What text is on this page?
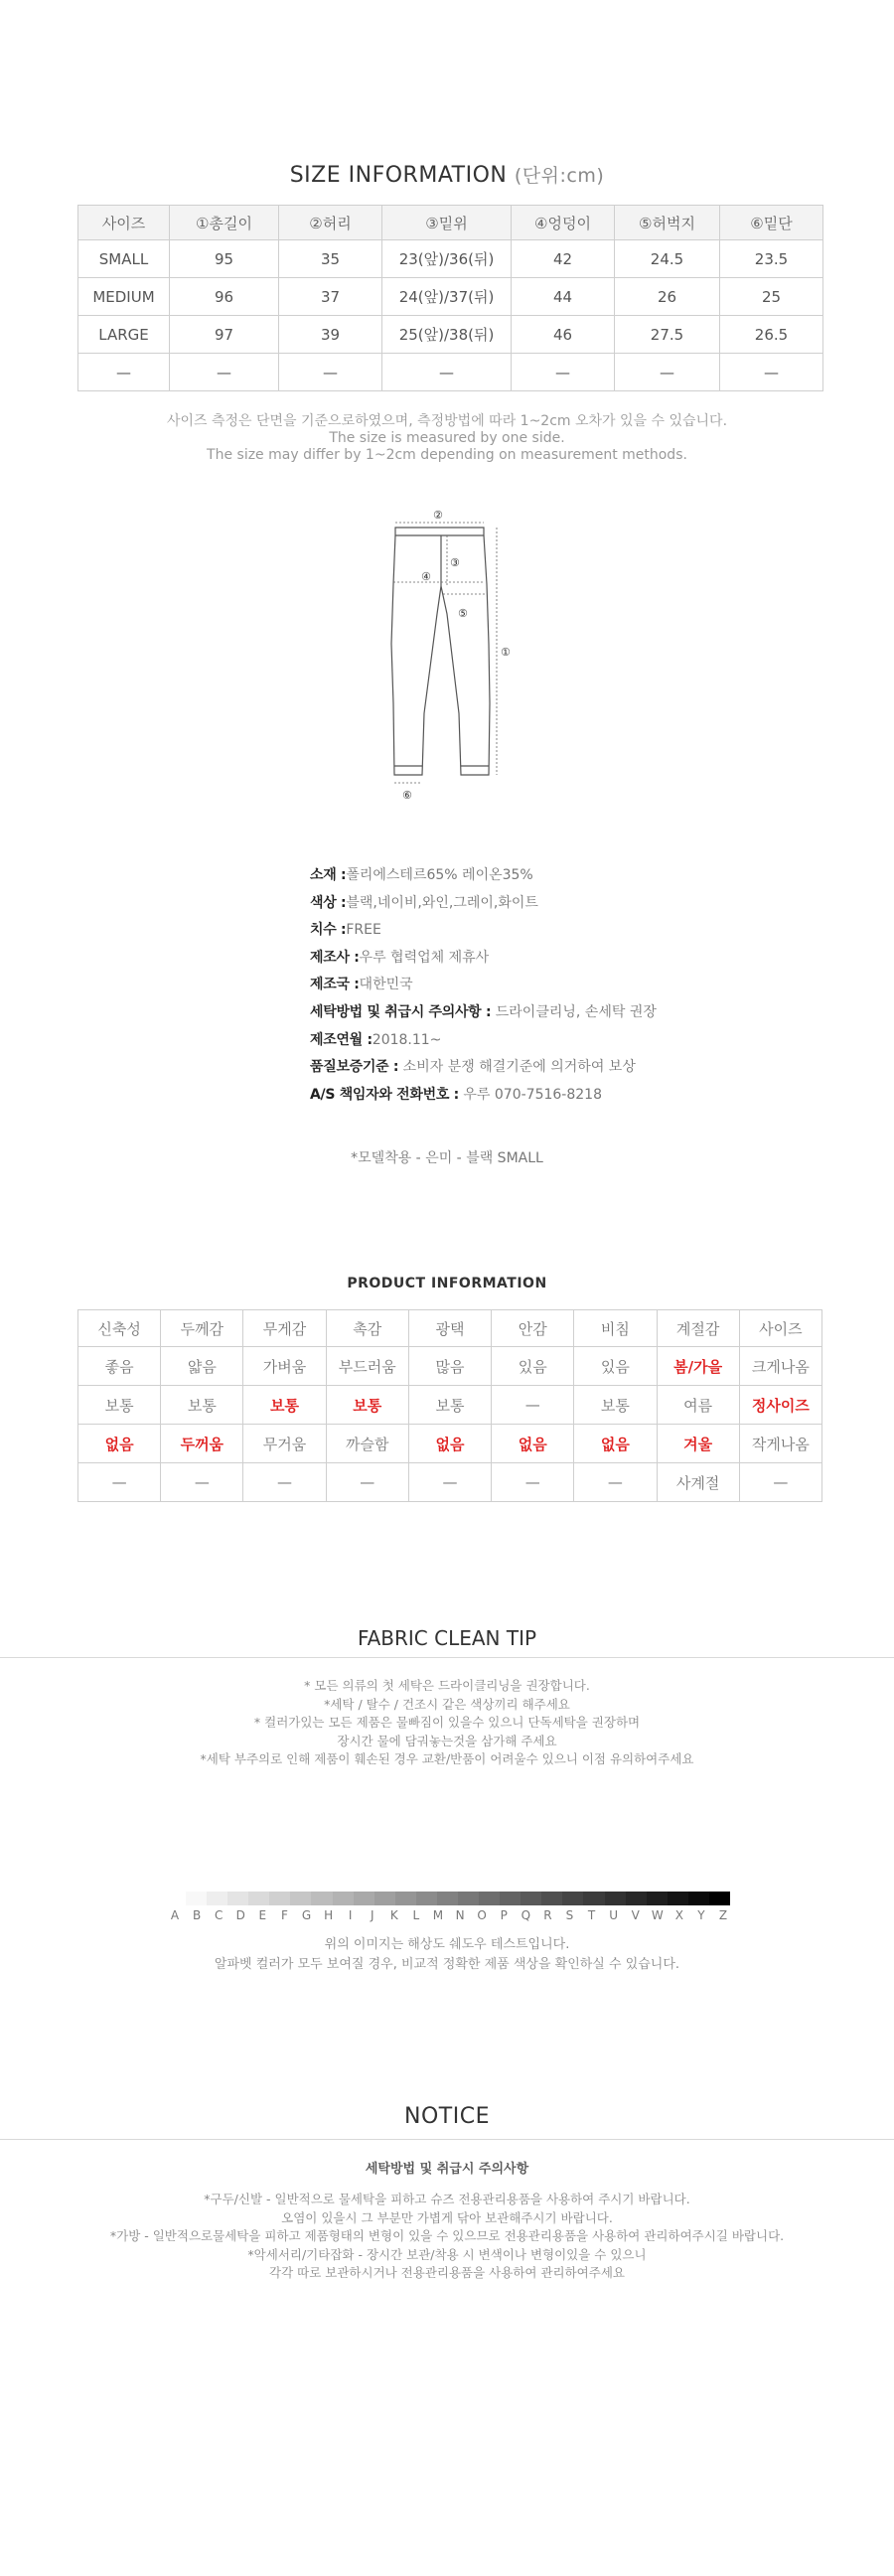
SIZE INFORMATION (단위:cm)
사이즈	①총길이	②허리	③밑위	④엉덩이	⑤허벅지	⑥밑단
SMALL	95	35	23(앞)/36(뒤)	42	24.5	23.5
MEDIUM	96	37	24(앞)/37(뒤)	44	26	25
LARGE	97	39	25(앞)/38(뒤)	46	27.5	26.5
—	—	—	—	—	—	—
사이즈 측정은 단면을 기준으로하였으며, 측정방법에 따라 1~2cm 오차가 있을 수 있습니다.
The size is measured by one side.
The size may differ by 1~2cm depending on measurement methods.
②
③
④
⑤
①
⑥
소재 :폴리에스테르65% 레이온35%
색상 :블랙,네이비,와인,그레이,화이트
치수 :FREE
제조사 :우루 협력업체 제휴사
제조국 :대한민국
세탁방법 및 취급시 주의사항 : 드라이클리닝, 손세탁 권장
제조연월 :2018.11~
품질보증기준 : 소비자 분쟁 해결기준에 의거하여 보상
A/S 책임자와 전화번호 : 우루 070-7516-8218
*모델착용 - 은미 - 블랙 SMALL
PRODUCT INFORMATION
신축성	두께감	무게감	촉감	광택	안감	비침	계절감	사이즈
좋음	얇음	가벼움	부드러움	많음	있음	있음	봄/가을	크게나옴
보통	보통	보통	보통	보통	—	보통	여름	정사이즈
없음	두꺼움	무거움	까슬함	없음	없음	없음	겨울	작게나옴
—	—	—	—	—	—	—	사계절	—
FABRIC CLEAN TIP
* 모든 의류의 첫 세탁은 드라이클리닝을 권장합니다.
*세탁 / 탈수 / 건조시 같은 색상끼리 해주세요
* 컬러가있는 모든 제품은 물빠짐이 있을수 있으니 단독세탁을 권장하며
장시간 물에 담궈놓는것을 삼가해 주세요
*세탁 부주의로 인해 제품이 훼손된 경우 교환/반품이 어려울수 있으니 이점 유의하여주세요
A	B	C	D	E	F	G	H	I	J	K	L	M	N	O	P	Q	R	S	T	U	V	W	X	Y	Z
위의 이미지는 해상도 쉐도우 테스트입니다.
알파벳 컬러가 모두 보여질 경우, 비교적 정확한 제품 색상을 확인하실 수 있습니다.
NOTICE
세탁방법 및 취급시 주의사항
*구두/신발 - 일반적으로 물세탁을 피하고 슈즈 전용관리용품을 사용하여 주시기 바랍니다.
오염이 있을시 그 부분만 가볍게 닦아 보관해주시기 바랍니다.
*가방 - 일반적으로물세탁을 피하고 제품형태의 변형이 있을 수 있으므로 전용관리용품을 사용하여 관리하여주시길 바랍니다.
*악세서리/기타잡화 - 장시간 보관/착용 시 변색이나 변형이있을 수 있으니
각각 따로 보관하시거나 전용관리용품을 사용하여 관리하여주세요
